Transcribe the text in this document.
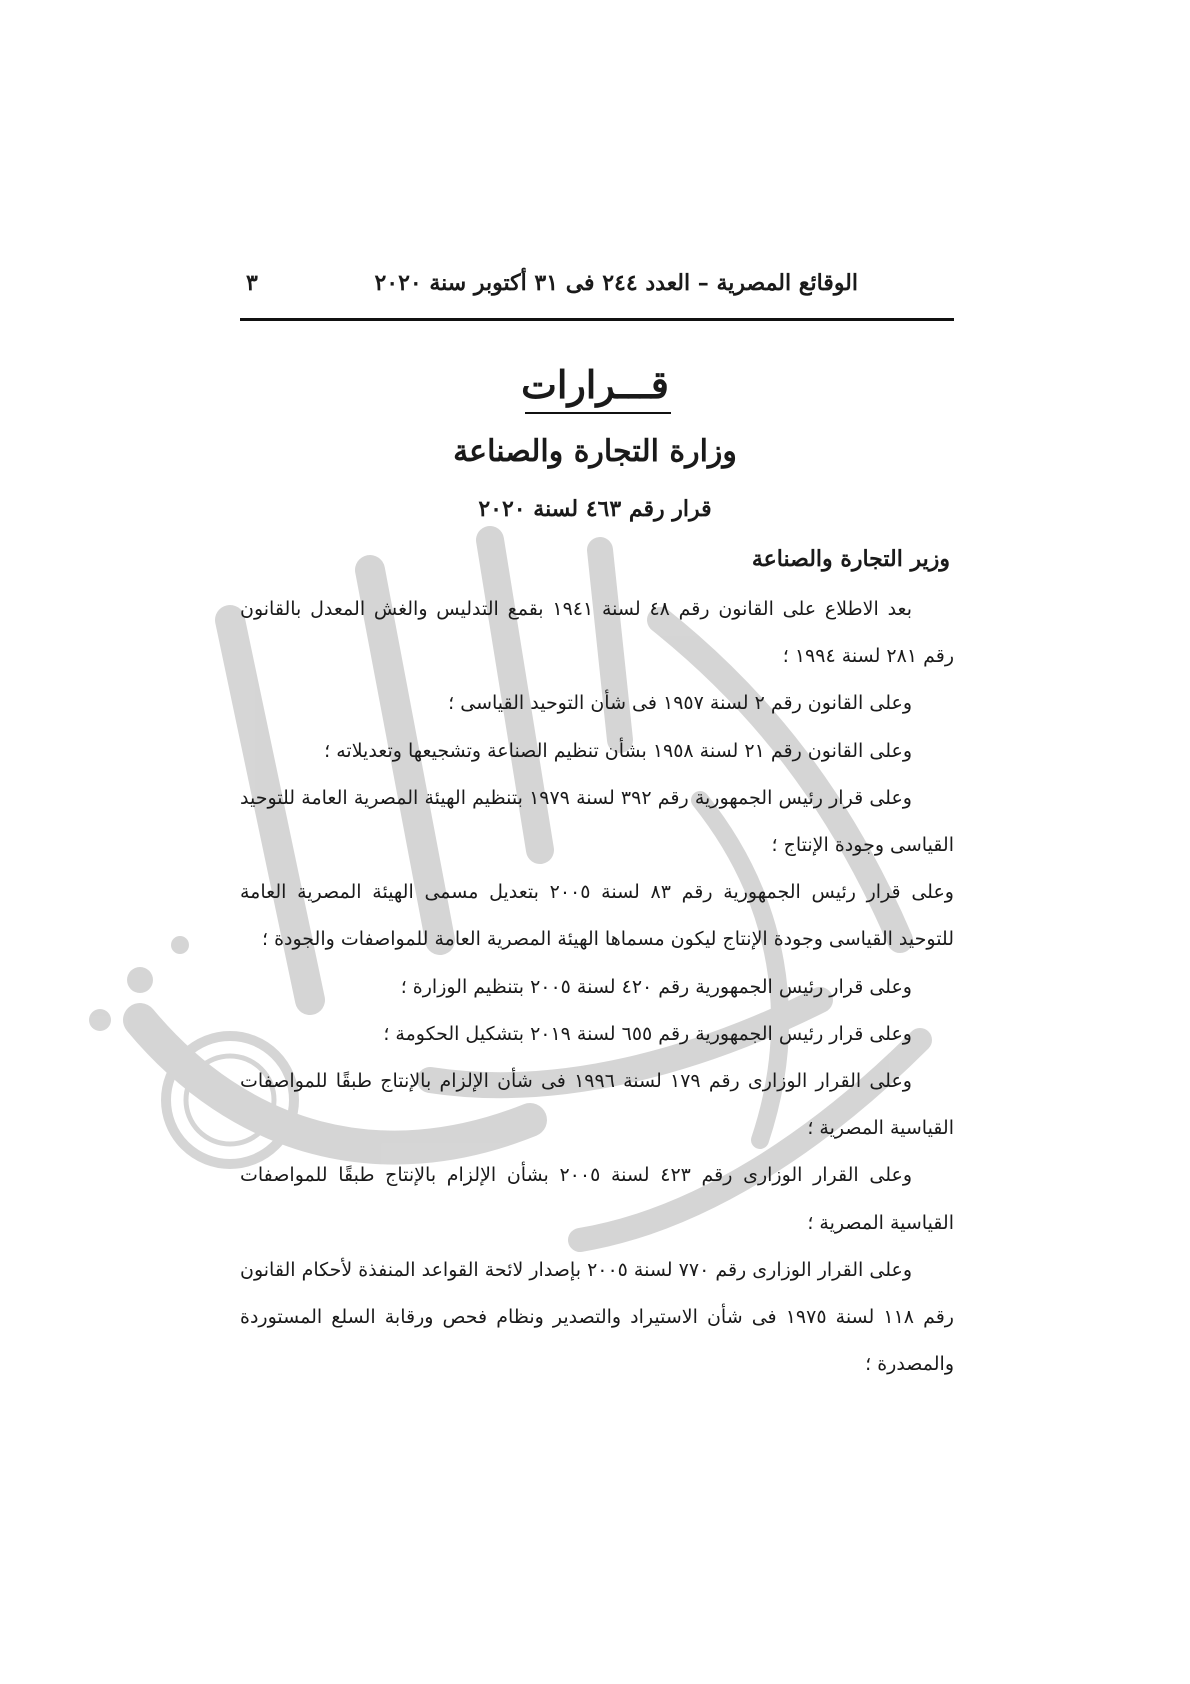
الوقائع المصرية – العدد ٢٤٤ فى ٣١ أكتوبر سنة ٢٠٢٠
٣
قـــرارات
وزارة التجارة والصناعة
قرار رقم ٤٦٣ لسنة ٢٠٢٠
وزير التجارة والصناعة

بعد الاطلاع على القانون رقم ٤٨ لسنة ١٩٤١ بقمع التدليس والغش المعدل بالقانون رقم ٢٨١ لسنة ١٩٩٤ ؛

وعلى القانون رقم ٢ لسنة ١٩٥٧ فى شأن التوحيد القياسى ؛

وعلى القانون رقم ٢١ لسنة ١٩٥٨ بشأن تنظيم الصناعة وتشجيعها وتعديلاته ؛

وعلى قرار رئيس الجمهورية رقم ٣٩٢ لسنة ١٩٧٩ بتنظيم الهيئة المصرية العامة للتوحيد القياسى وجودة الإنتاج ؛

وعلى قرار رئيس الجمهورية رقم ٨٣ لسنة ٢٠٠٥ بتعديل مسمى الهيئة المصرية العامة للتوحيد القياسى وجودة الإنتاج ليكون مسماها الهيئة المصرية العامة للمواصفات والجودة ؛

وعلى قرار رئيس الجمهورية رقم ٤٢٠ لسنة ٢٠٠٥ بتنظيم الوزارة ؛

وعلى قرار رئيس الجمهورية رقم ٦٥٥ لسنة ٢٠١٩ بتشكيل الحكومة ؛

وعلى القرار الوزارى رقم ١٧٩ لسنة ١٩٩٦ فى شأن الإلزام بالإنتاج طبقًا للمواصفات القياسية المصرية ؛

وعلى القرار الوزارى رقم ٤٢٣ لسنة ٢٠٠٥ بشأن الإلزام بالإنتاج طبقًا للمواصفات القياسية المصرية ؛

وعلى القرار الوزارى رقم ٧٧٠ لسنة ٢٠٠٥ بإصدار لائحة القواعد المنفذة لأحكام القانون رقم ١١٨ لسنة ١٩٧٥ فى شأن الاستيراد والتصدير ونظام فحص ورقابة السلع المستوردة والمصدرة ؛
